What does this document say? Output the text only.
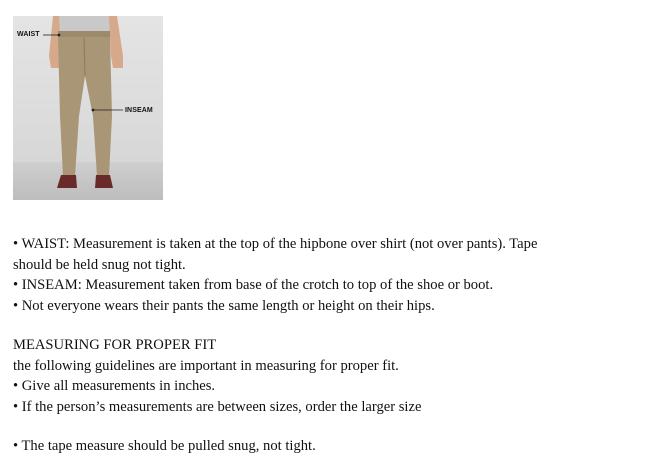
WAIST
INSEAM

• WAIST: Measurement is taken at the top of the hipbone over shirt (not over pants). Tape

should be held snug not tight.

• INSEAM: Measurement taken from base of the crotch to top of the shoe or boot.

• Not everyone wears their pants the same length or height on their hips.

MEASURING FOR PROPER FIT

the following guidelines are important in measuring for proper fit.

• Give all measurements in inches.

• If the person’s measurements are between sizes, order the larger size

• The tape measure should be pulled snug, not tight.
